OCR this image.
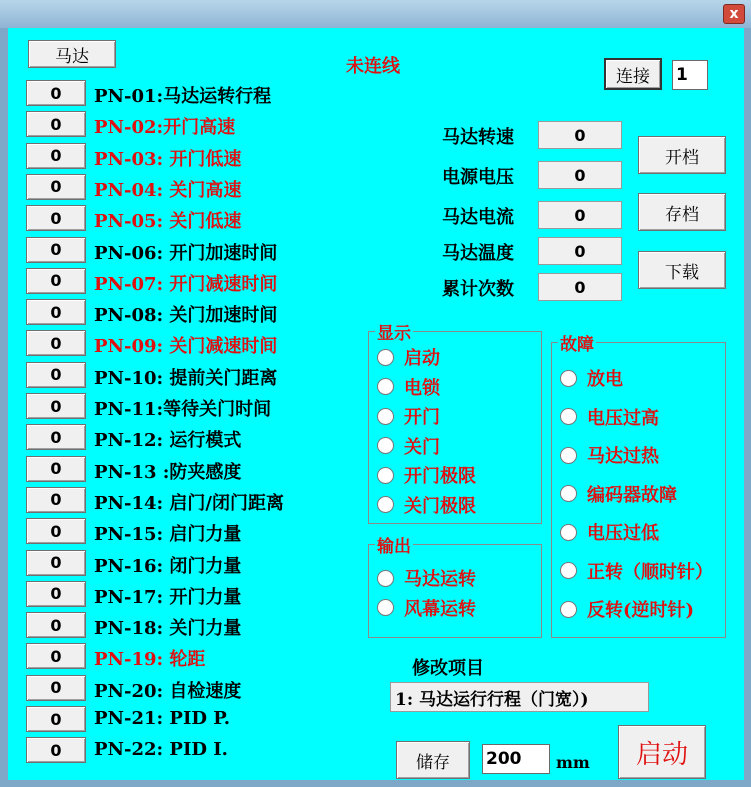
x
马达	未连线	连接	1
0	PN-01:马达运转行程
0	PN-02:开门高速
0	PN-03: 开门低速
0	PN-04: 关门高速
0	PN-05: 关门低速
0	PN-06: 开门加速时间
0	PN-07: 开门减速时间
0	PN-08: 关门加速时间
0	PN-09: 关门减速时间
0	PN-10: 提前关门距离
0	PN-11:等待关门时间
0	PN-12: 运行模式
0	PN-13 :防夹感度
0	PN-14: 启门/闭门距离
0	PN-15: 启门力量
0	PN-16: 闭门力量
0	PN-17: 开门力量
0	PN-18: 关门力量
0	PN-19: 轮距
0	PN-20: 自检速度
0	PN-21: PID P.
0	PN-22: PID I.
马达转速	0
电源电压	0
马达电流	0
马达温度	0
累计次数	0
开档
存档
下载
显示
启动
电锁
开门
关门
开门极限
关门极限
输出
马达运转
风幕运转
故障
放电
电压过高
马达过热
编码器故障
电压过低
正转（顺时针）
反转(逆时针)
修改项目
1: 马达运行行程（门宽）)
储存	200	mm	启动
